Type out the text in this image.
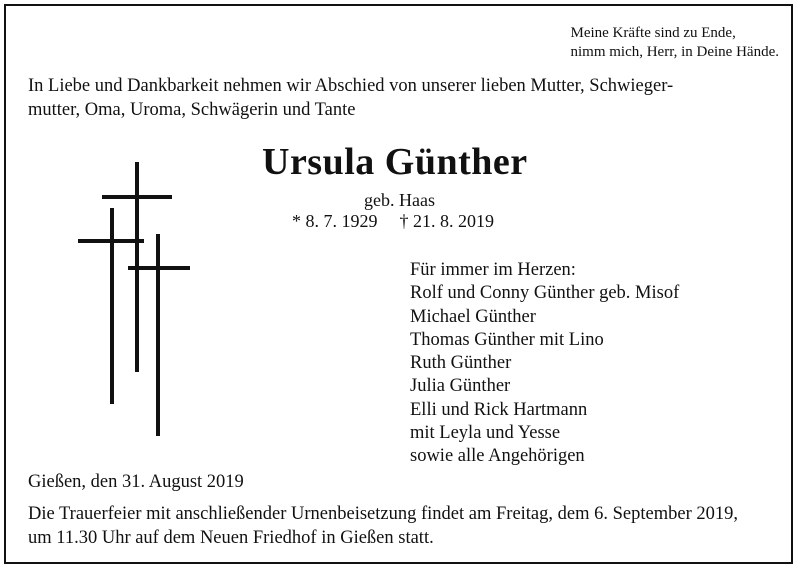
Meine Kräfte sind zu Ende,
nimm mich, Herr, in Deine Hände.
In Liebe und Dankbarkeit nehmen wir Abschied von unserer lieben Mutter, Schwieger-
mutter, Oma, Uroma, Schwägerin und Tante
Ursula Günther
geb. Haas
* 8. 7. 1929 † 21. 8. 2019
Für immer im Herzen:
Rolf und Conny Günther geb. Misof
Michael Günther
Thomas Günther mit Lino
Ruth Günther
Julia Günther
Elli und Rick Hartmann
mit Leyla und Yesse
sowie alle Angehörigen
Gießen, den 31. August 2019
Die Trauerfeier mit anschließender Urnenbeisetzung findet am Freitag, dem 6. September 2019,
um 11.30 Uhr auf dem Neuen Friedhof in Gießen statt.
